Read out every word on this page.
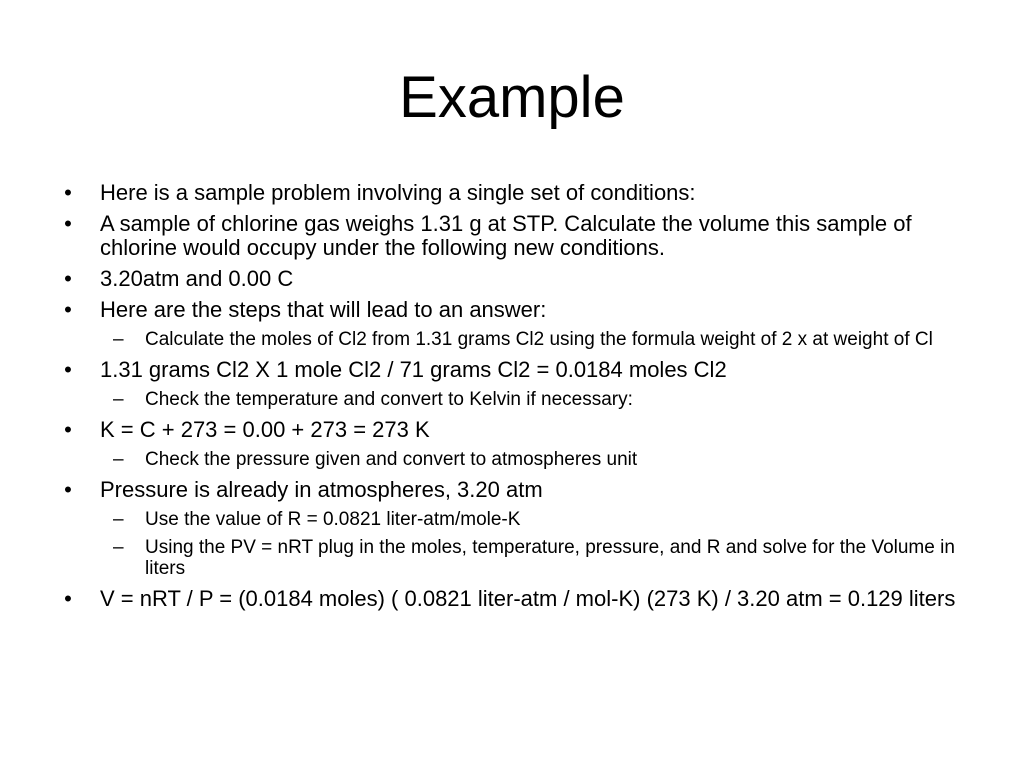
Example
•	Here is a sample problem involving a single set of conditions:
•	A sample of chlorine gas weighs 1.31 g at STP. Calculate the volume this sample of chlorine would occupy under the following new conditions.
•	3.20atm and 0.00 C
•	Here are the steps that will lead to an answer:
– Calculate the moles of Cl2 from 1.31 grams Cl2 using the formula weight of 2 x at weight of Cl
•	1.31 grams Cl2 X 1 mole Cl2 / 71 grams Cl2 = 0.0184 moles Cl2
– Check the temperature and convert to Kelvin if necessary:
•	K = C + 273 = 0.00 + 273 = 273 K
– Check the pressure given and convert to atmospheres unit
•	Pressure is already in atmospheres, 3.20 atm
– Use the value of R = 0.0821 liter-atm/mole-K
– Using the PV = nRT plug in the moles, temperature, pressure, and R and solve for the Volume in liters
•	V = nRT / P = (0.0184 moles) ( 0.0821 liter-atm / mol-K) (273 K) / 3.20 atm = 0.129 liters
